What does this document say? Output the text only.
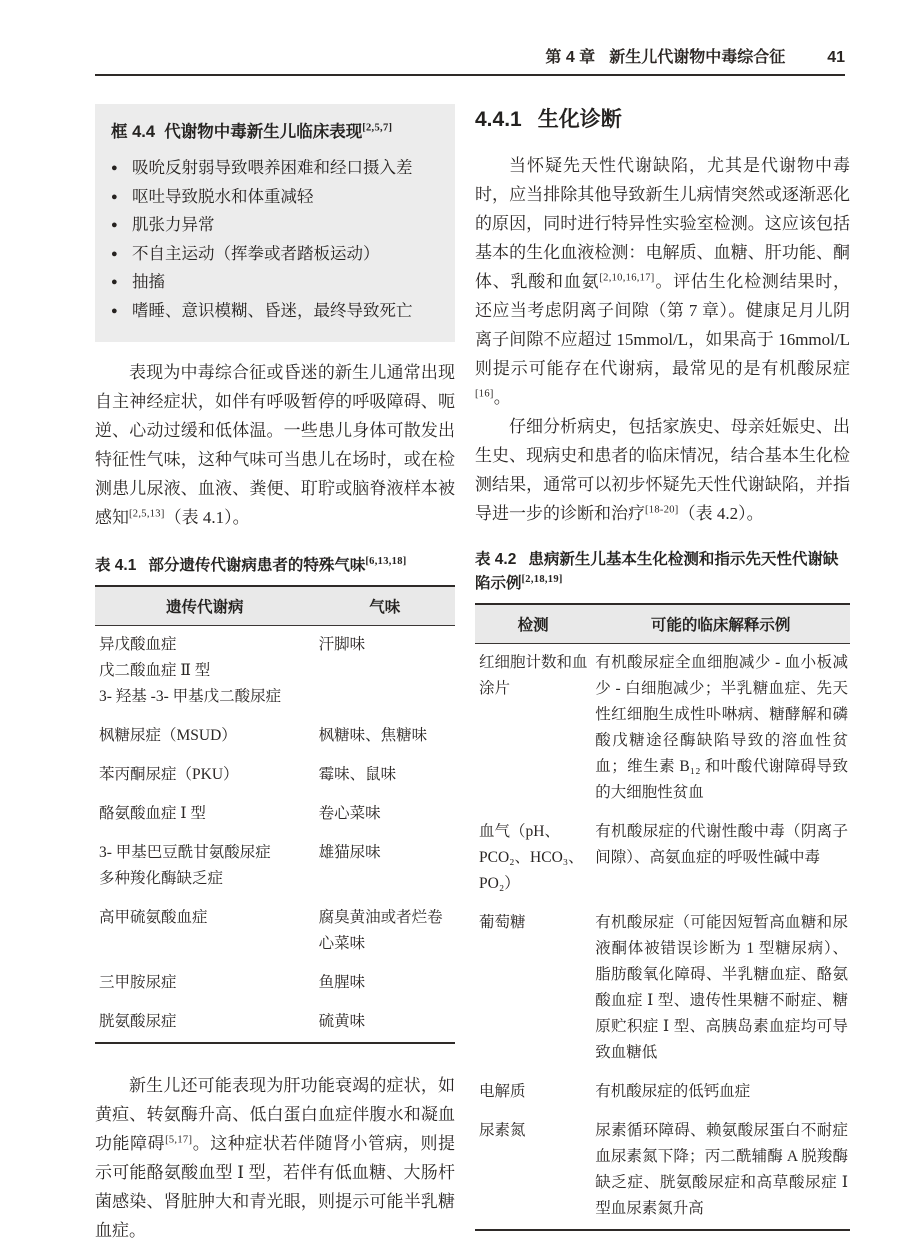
第 4 章 新生儿代谢物中毒综合征	41
框 4.4 代谢物中毒新生儿临床表现[2,5,7]
● 吸吮反射弱导致喂养困难和经口摄入差
● 呕吐导致脱水和体重减轻
● 肌张力异常
● 不自主运动（挥拳或者踏板运动）
● 抽搐
● 嗜睡、意识模糊、昏迷，最终导致死亡

表现为中毒综合征或昏迷的新生儿通常出现自主神经症状，如伴有呼吸暂停的呼吸障碍、呃逆、心动过缓和低体温。一些患儿身体可散发出特征性气味，这种气味可当患儿在场时，或在检测患儿尿液、血液、粪便、耵聍或脑脊液样本被感知[2,5,13]（表 4.1）。

表 4.1 部分遗传代谢病患者的特殊气味[6,13,18]
遗传代谢病	气味

异戊酸血症
戊二酸血症 Ⅱ 型
3- 羟基 -3- 甲基戊二酸尿症	汗脚味

枫糖尿症（MSUD）	枫糖味、焦糖味

苯丙酮尿症（PKU）	霉味、鼠味

酪氨酸血症 Ⅰ 型	卷心菜味

3- 甲基巴豆酰甘氨酸尿症
多种羧化酶缺乏症	雄猫尿味

高甲硫氨酸血症	腐臭黄油或者烂卷心菜味

三甲胺尿症	鱼腥味

胱氨酸尿症	硫黄味

新生儿还可能表现为肝功能衰竭的症状，如黄疸、转氨酶升高、低白蛋白血症伴腹水和凝血功能障碍[5,17]。这种症状若伴随肾小管病，则提示可能酪氨酸血型 Ⅰ 型，若伴有低血糖、大肠杆菌感染、肾脏肿大和青光眼，则提示可能半乳糖血症。

4.4.1 生化诊断

当怀疑先天性代谢缺陷，尤其是代谢物中毒时，应当排除其他导致新生儿病情突然或逐渐恶化的原因，同时进行特异性实验室检测。这应该包括基本的生化血液检测：电解质、血糖、肝功能、酮体、乳酸和血氨[2,10,16,17]。评估生化检测结果时，还应当考虑阴离子间隙（第 7 章）。健康足月儿阴离子间隙不应超过 15mmol/L，如果高于 16mmol/L 则提示可能存在代谢病，最常见的是有机酸尿症[16]。

仔细分析病史，包括家族史、母亲妊娠史、出生史、现病史和患者的临床情况，结合基本生化检测结果，通常可以初步怀疑先天性代谢缺陷，并指导进一步的诊断和治疗[18-20]（表 4.2）。

表 4.2 患病新生儿基本生化检测和指示先天性代谢缺陷示例[2,18,19]
检测	可能的临床解释示例
红细胞计数和血涂片	有机酸尿症全血细胞减少 - 血小板减少 - 白细胞减少；半乳糖血症、先天性红细胞生成性卟啉病、糖酵解和磷酸戊糖途径酶缺陷导致的溶血性贫血；维生素 B₁₂ 和叶酸代谢障碍导致的大细胞性贫血
血气（pH、PCO₂、HCO₃、PO₂）	有机酸尿症的代谢性酸中毒（阴离子间隙）、高氨血症的呼吸性碱中毒
葡萄糖	有机酸尿症（可能因短暂高血糖和尿液酮体被错误诊断为 1 型糖尿病）、脂肪酸氧化障碍、半乳糖血症、酪氨酸血症 Ⅰ 型、遗传性果糖不耐症、糖原贮积症 Ⅰ 型、高胰岛素血症均可导致血糖低
电解质	有机酸尿症的低钙血症
尿素氮	尿素循环障碍、赖氨酸尿蛋白不耐症血尿素氮下降；丙二酰辅酶 A 脱羧酶缺乏症、胱氨酸尿症和高草酸尿症 Ⅰ 型血尿素氮升高
